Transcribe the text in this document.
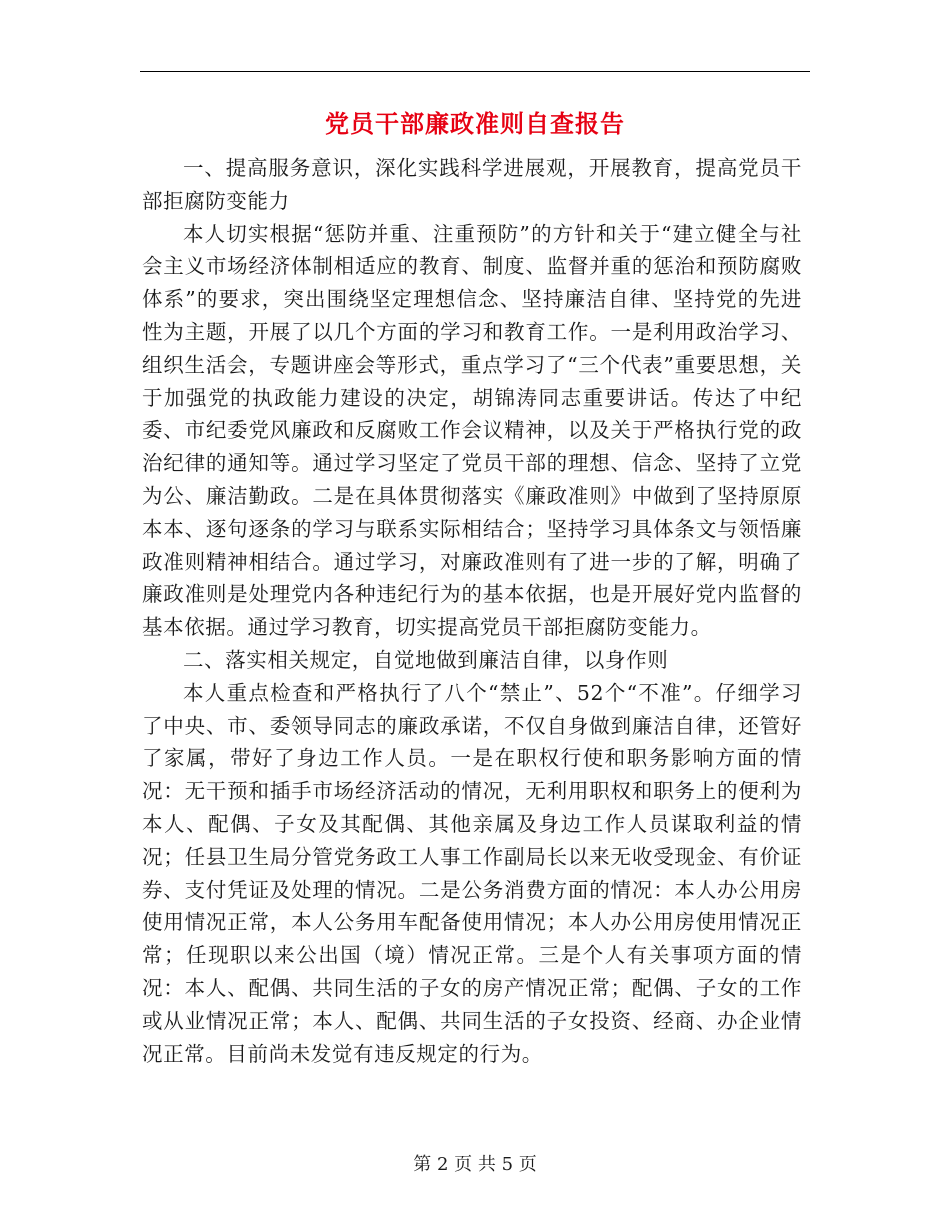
党员干部廉政准则自查报告

一、提高服务意识，深化实践科学进展观，开展教育，提高党员干部拒腐防变能力

本人切实根据“惩防并重、注重预防”的方针和关于“建立健全与社会主义市场经济体制相适应的教育、制度、监督并重的惩治和预防腐败体系”的要求，突出围绕坚定理想信念、坚持廉洁自律、坚持党的先进性为主题，开展了以几个方面的学习和教育工作。一是利用政治学习、组织生活会，专题讲座会等形式，重点学习了“三个代表”重要思想，关于加强党的执政能力建设的决定，胡锦涛同志重要讲话。传达了中纪委、市纪委党风廉政和反腐败工作会议精神，以及关于严格执行党的政治纪律的通知等。通过学习坚定了党员干部的理想、信念、坚持了立党为公、廉洁勤政。二是在具体贯彻落实《廉政准则》中做到了坚持原原本本、逐句逐条的学习与联系实际相结合；坚持学习具体条文与领悟廉政准则精神相结合。通过学习，对廉政准则有了进一步的了解，明确了廉政准则是处理党内各种违纪行为的基本依据，也是开展好党内监督的基本依据。通过学习教育，切实提高党员干部拒腐防变能力。

二、落实相关规定，自觉地做到廉洁自律，以身作则

本人重点检查和严格执行了八个“禁止”、52个“不准”。仔细学习了中央、市、委领导同志的廉政承诺，不仅自身做到廉洁自律，还管好了家属，带好了身边工作人员。一是在职权行使和职务影响方面的情况：无干预和插手市场经济活动的情况，无利用职权和职务上的便利为本人、配偶、子女及其配偶、其他亲属及身边工作人员谋取利益的情况；任县卫生局分管党务政工人事工作副局长以来无收受现金、有价证券、支付凭证及处理的情况。二是公务消费方面的情况：本人办公用房使用情况正常，本人公务用车配备使用情况；本人办公用房使用情况正常；任现职以来公出国（境）情况正常。三是个人有关事项方面的情况：本人、配偶、共同生活的子女的房产情况正常；配偶、子女的工作或从业情况正常；本人、配偶、共同生活的子女投资、经商、办企业情况正常。目前尚未发觉有违反规定的行为。

第 2 页 共 5 页
